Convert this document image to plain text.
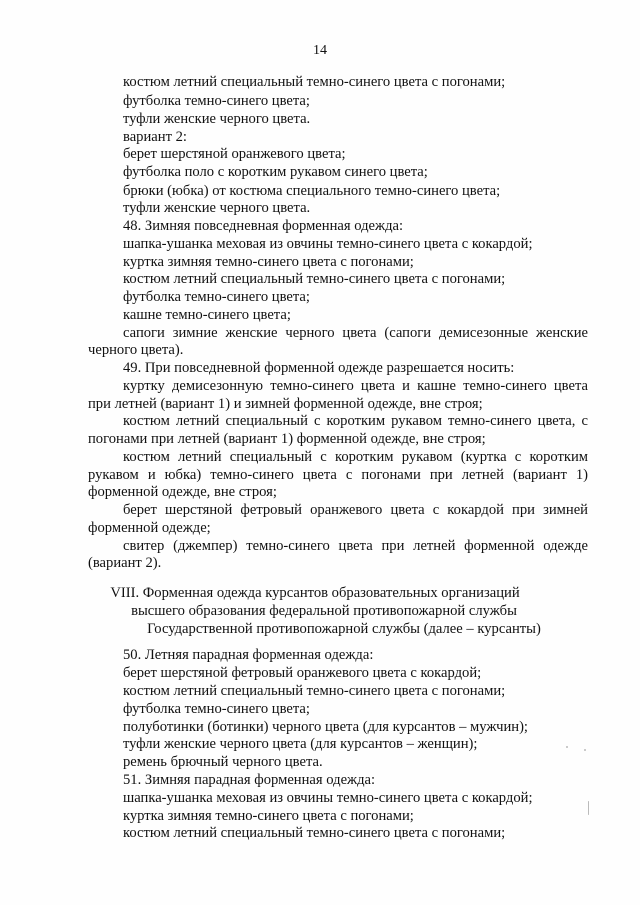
14

костюм летний специальный темно-синего цвета с погонами;

футболка темно-синего цвета;

туфли женские черного цвета.

вариант 2:

берет шерстяной оранжевого цвета;

футболка поло с коротким рукавом синего цвета;

брюки (юбка) от костюма специального темно-синего цвета;

туфли женские черного цвета.

48. Зимняя повседневная форменная одежда:

шапка-ушанка меховая из овчины темно-синего цвета с кокардой;

куртка зимняя темно-синего цвета с погонами;

костюм летний специальный темно-синего цвета с погонами;

футболка темно-синего цвета;

кашне темно-синего цвета;

сапоги зимние женские черного цвета (сапоги демисезонные женские

черного цвета).

49. При повседневной форменной одежде разрешается носить:

куртку демисезонную темно-синего цвета и кашне темно-синего цвета

при летней (вариант 1) и зимней форменной одежде, вне строя;

костюм летний специальный с коротким рукавом темно-синего цвета, с

погонами при летней (вариант 1) форменной одежде, вне строя;

костюм летний специальный с коротким рукавом (куртка с коротким

рукавом и юбка) темно-синего цвета с погонами при летней (вариант 1)

форменной одежде, вне строя;

берет шерстяной фетровый оранжевого цвета с кокардой при зимней

форменной одежде;

свитер (джемпер) темно-синего цвета при летней форменной одежде

(вариант 2).

VIII. Форменная одежда курсантов образовательных организаций
высшего образования федеральной противопожарной службы
Государственной противопожарной службы (далее – курсанты)

50. Летняя парадная форменная одежда:

берет шерстяной фетровый оранжевого цвета с кокардой;

костюм летний специальный темно-синего цвета с погонами;

футболка темно-синего цвета;

полуботинки (ботинки) черного цвета (для курсантов – мужчин);

туфли женские черного цвета (для курсантов – женщин);

ремень брючный черного цвета.

51. Зимняя парадная форменная одежда:

шапка-ушанка меховая из овчины темно-синего цвета с кокардой;

куртка зимняя темно-синего цвета с погонами;

костюм летний специальный темно-синего цвета с погонами;
